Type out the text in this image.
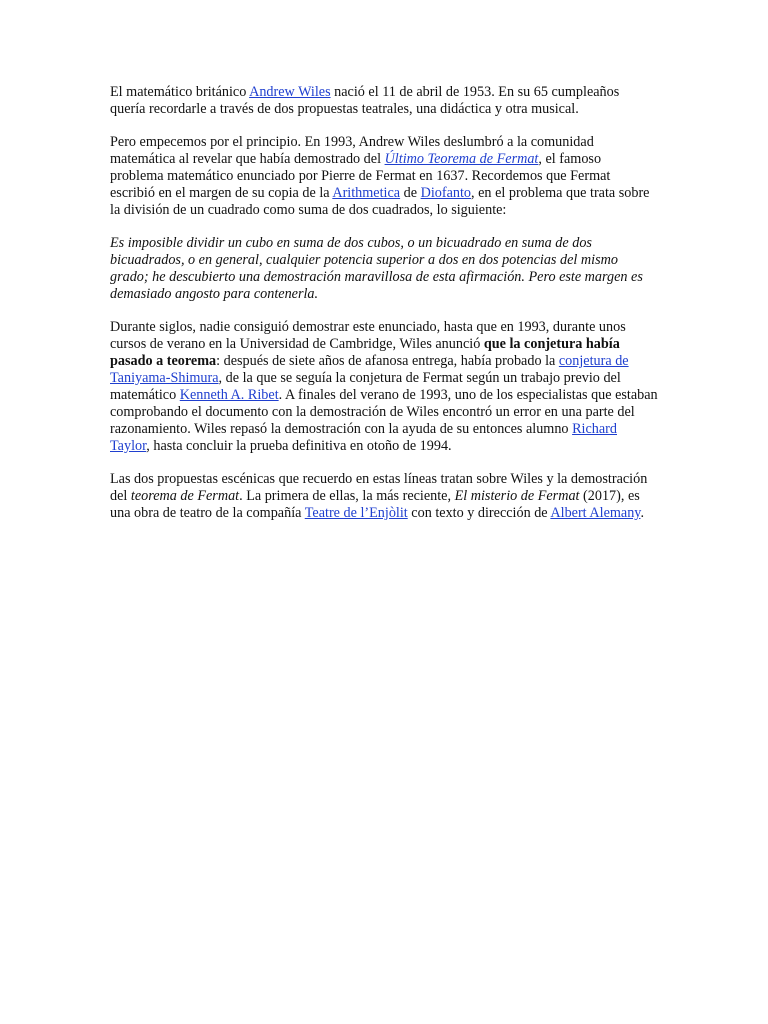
El matemático británico Andrew Wiles nació el 11 de abril de 1953. En su 65 cumpleaños quería recordarle a través de dos propuestas teatrales, una didáctica y otra musical.

Pero empecemos por el principio. En 1993, Andrew Wiles deslumbró a la comunidad matemática al revelar que había demostrado del Último Teorema de Fermat, el famoso problema matemático enunciado por Pierre de Fermat en 1637. Recordemos que Fermat escribió en el margen de su copia de la Arithmetica de Diofanto, en el problema que trata sobre la división de un cuadrado como suma de dos cuadrados, lo siguiente:

Es imposible dividir un cubo en suma de dos cubos, o un bicuadrado en suma de dos bicuadrados, o en general, cualquier potencia superior a dos en dos potencias del mismo grado; he descubierto una demostración maravillosa de esta afirmación. Pero este margen es demasiado angosto para contenerla.

Durante siglos, nadie consiguió demostrar este enunciado, hasta que en 1993, durante unos cursos de verano en la Universidad de Cambridge, Wiles anunció que la conjetura había pasado a teorema: después de siete años de afanosa entrega, había probado la conjetura de Taniyama-Shimura, de la que se seguía la conjetura de Fermat según un trabajo previo del matemático Kenneth A. Ribet. A finales del verano de 1993, uno de los especialistas que estaban comprobando el documento con la demostración de Wiles encontró un error en una parte del razonamiento. Wiles repasó la demostración con la ayuda de su entonces alumno Richard Taylor, hasta concluir la prueba definitiva en otoño de 1994.

Las dos propuestas escénicas que recuerdo en estas líneas tratan sobre Wiles y la demostración del teorema de Fermat. La primera de ellas, la más reciente, El misterio de Fermat (2017), es una obra de teatro de la compañía Teatre de l’Enjòlit con texto y dirección de Albert Alemany.
